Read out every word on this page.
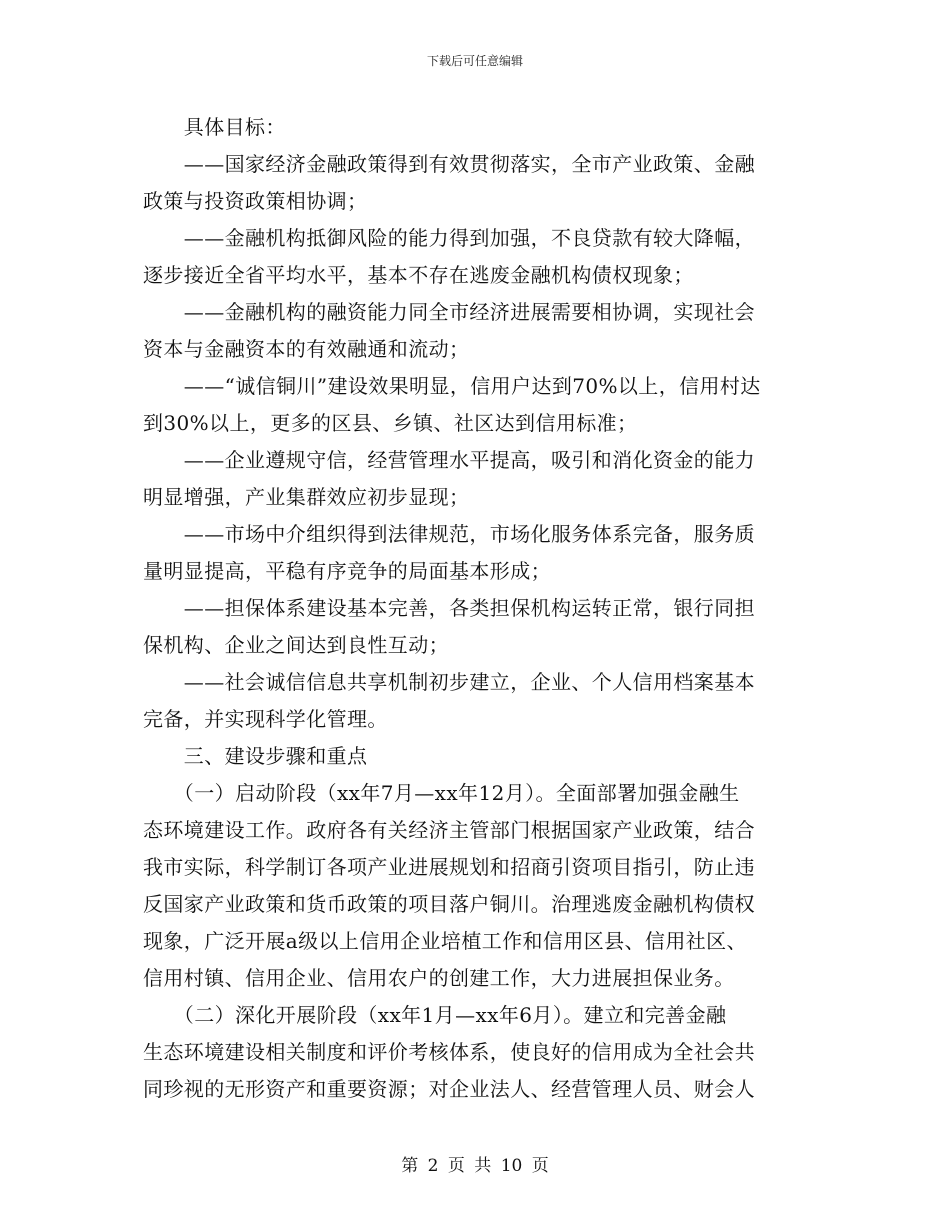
下载后可任意编辑
　　具体目标：
　　——国家经济金融政策得到有效贯彻落实，全市产业政策、金融
政策与投资政策相协调；
　　——金融机构抵御风险的能力得到加强，不良贷款有较大降幅，
逐步接近全省平均水平，基本不存在逃废金融机构债权现象；
　　——金融机构的融资能力同全市经济进展需要相协调，实现社会
资本与金融资本的有效融通和流动；
　　——“诚信铜川”建设效果明显，信用户达到70%以上，信用村达
到30%以上，更多的区县、乡镇、社区达到信用标准；
　　——企业遵规守信，经营管理水平提高，吸引和消化资金的能力
明显增强，产业集群效应初步显现；
　　——市场中介组织得到法律规范，市场化服务体系完备，服务质
量明显提高，平稳有序竞争的局面基本形成；
　　——担保体系建设基本完善，各类担保机构运转正常，银行同担
保机构、企业之间达到良性互动；
　　——社会诚信信息共享机制初步建立，企业、个人信用档案基本
完备，并实现科学化管理。
　　三、建设步骤和重点
　　（一）启动阶段（xx年7月—xx年12月）。全面部署加强金融生
态环境建设工作。政府各有关经济主管部门根据国家产业政策，结合
我市实际，科学制订各项产业进展规划和招商引资项目指引，防止违
反国家产业政策和货币政策的项目落户铜川。治理逃废金融机构债权
现象，广泛开展a级以上信用企业培植工作和信用区县、信用社区、
信用村镇、信用企业、信用农户的创建工作，大力进展担保业务。
　　（二）深化开展阶段（xx年1月—xx年6月）。建立和完善金融
生态环境建设相关制度和评价考核体系，使良好的信用成为全社会共
同珍视的无形资产和重要资源；对企业法人、经营管理人员、财会人
第 2 页 共 10 页
